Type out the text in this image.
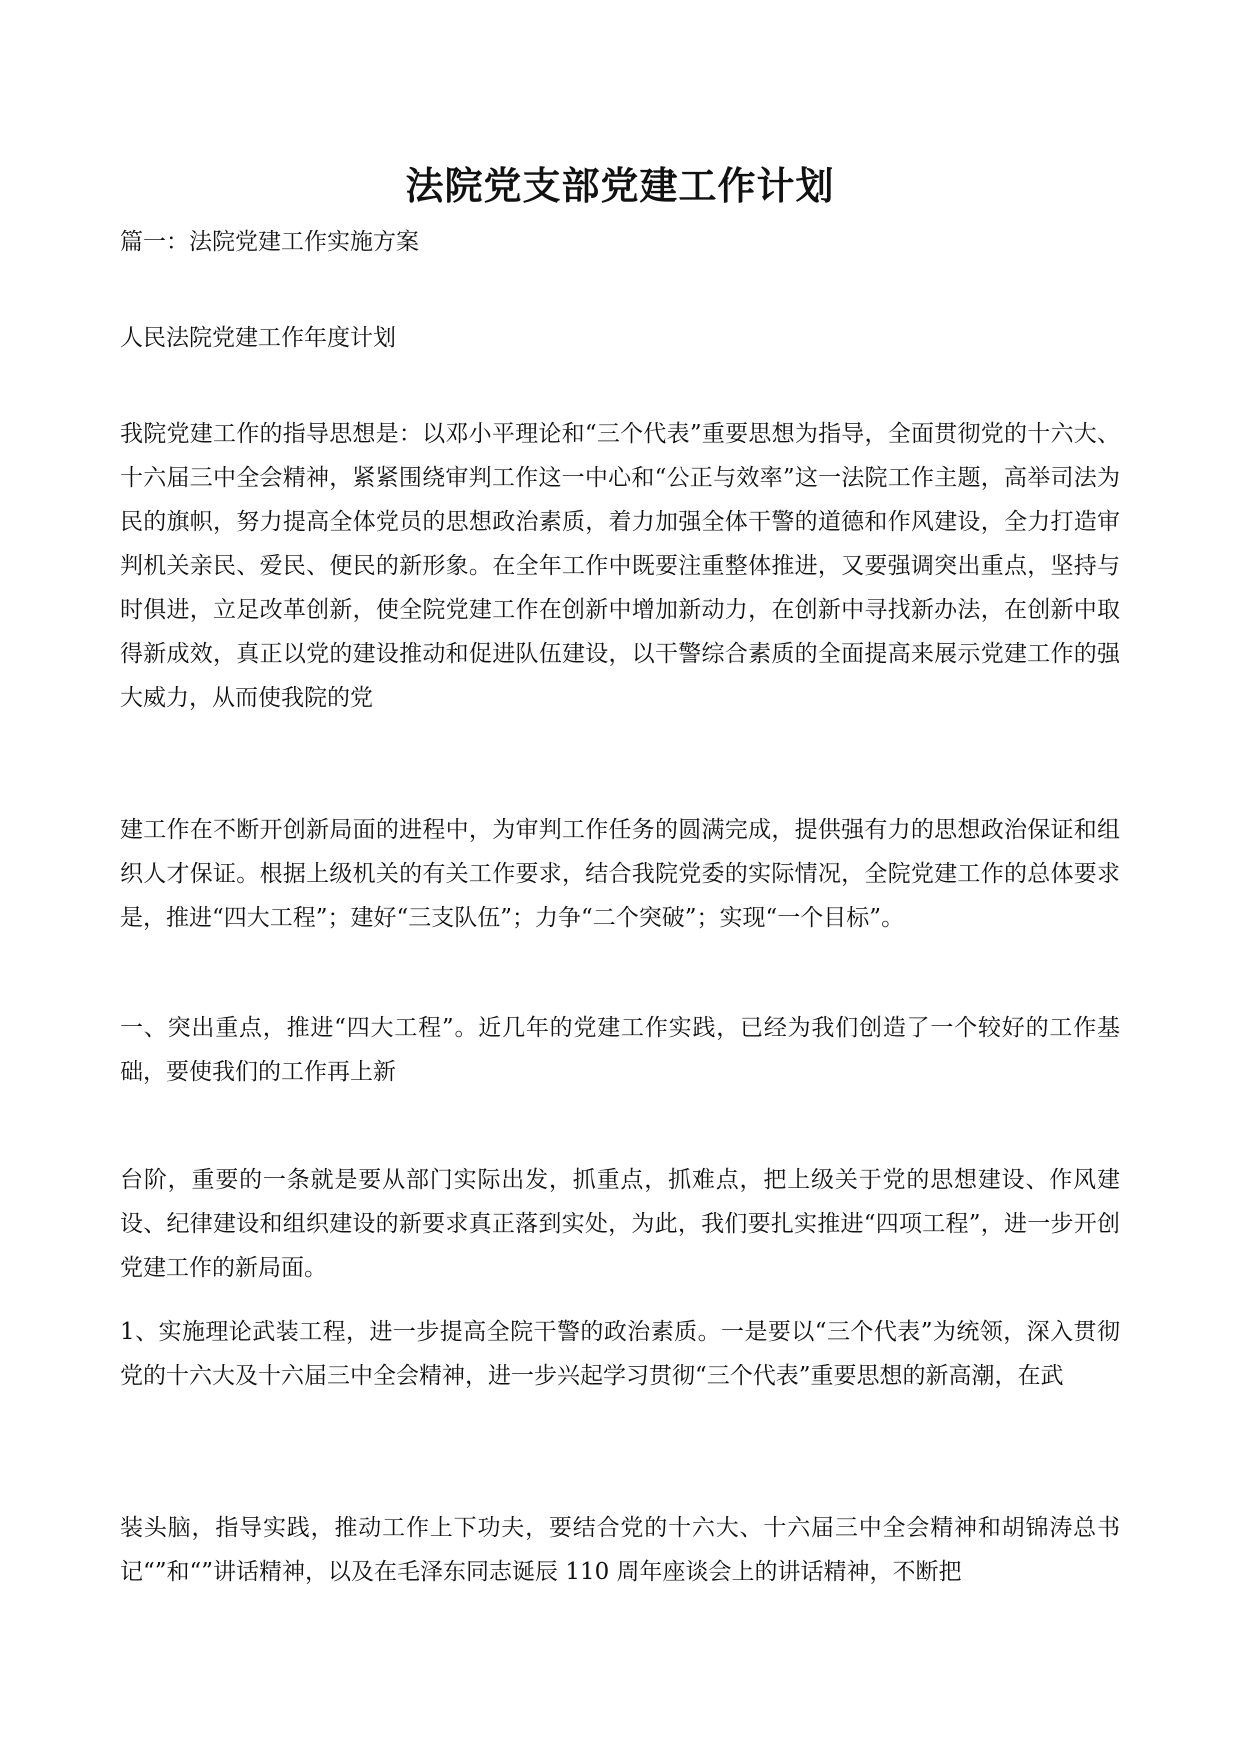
法院党支部党建工作计划

篇一：法院党建工作实施方案

人民法院党建工作年度计划

我院党建工作的指导思想是：以邓小平理论和“三个代表”重要思想为指导，全面贯彻党的十六大、十六届三中全会精神，紧紧围绕审判工作这一中心和“公正与效率”这一法院工作主题，高举司法为民的旗帜，努力提高全体党员的思想政治素质，着力加强全体干警的道德和作风建设，全力打造审判机关亲民、爱民、便民的新形象。在全年工作中既要注重整体推进，又要强调突出重点，坚持与时俱进，立足改革创新，使全院党建工作在创新中增加新动力，在创新中寻找新办法，在创新中取得新成效，真正以党的建设推动和促进队伍建设，以干警综合素质的全面提高来展示党建工作的强大威力，从而使我院的党

建工作在不断开创新局面的进程中，为审判工作任务的圆满完成，提供强有力的思想政治保证和组织人才保证。根据上级机关的有关工作要求，结合我院党委的实际情况，全院党建工作的总体要求是，推进“四大工程”；建好“三支队伍”；力争“二个突破”；实现“一个目标”。

一、突出重点，推进“四大工程”。近几年的党建工作实践，已经为我们创造了一个较好的工作基础，要使我们的工作再上新

台阶，重要的一条就是要从部门实际出发，抓重点，抓难点，把上级关于党的思想建设、作风建设、纪律建设和组织建设的新要求真正落到实处，为此，我们要扎实推进“四项工程”，进一步开创党建工作的新局面。

1、实施理论武装工程，进一步提高全院干警的政治素质。一是要以“三个代表”为统领，深入贯彻党的十六大及十六届三中全会精神，进一步兴起学习贯彻“三个代表”重要思想的新高潮，在武

装头脑，指导实践，推动工作上下功夫，要结合党的十六大、十六届三中全会精神和胡锦涛总书记“”和“”讲话精神，以及在毛泽东同志诞辰 110 周年座谈会上的讲话精神，不断把
